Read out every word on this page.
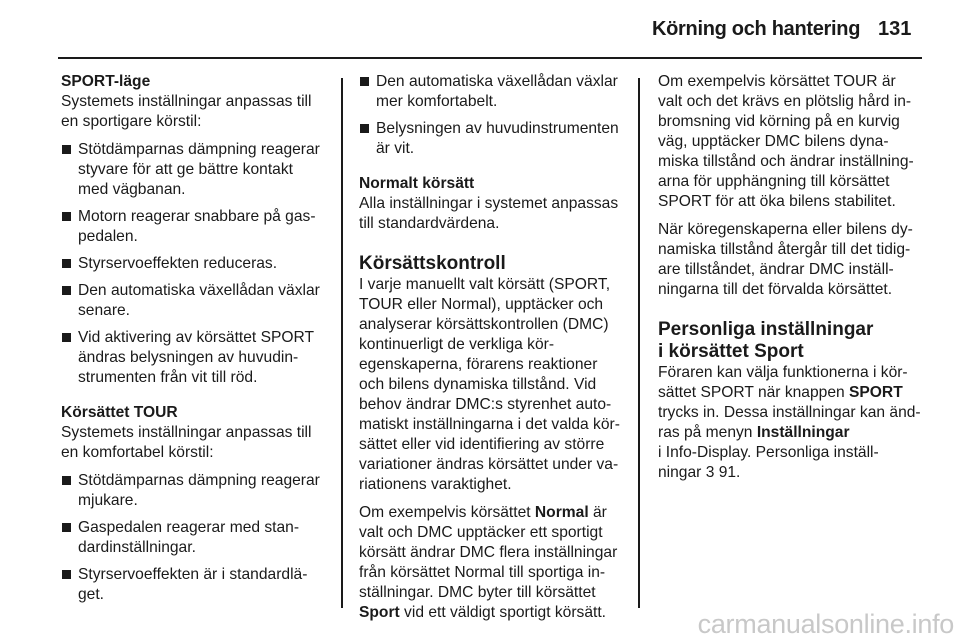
Körning och hantering 131
SPORT-läge
Systemets inställningar anpassas till
en sportigare körstil:
Stötdämparnas dämpning reagerar
styvare för att ge bättre kontakt
med vägbanan.
Motorn reagerar snabbare på gas-
pedalen.
Styrservoeffekten reduceras.
Den automatiska växellådan växlar
senare.
Vid aktivering av körsättet SPORT
ändras belysningen av huvudin-
strumenten från vit till röd.
Körsättet TOUR
Systemets inställningar anpassas till
en komfortabel körstil:
Stötdämparnas dämpning reagerar
mjukare.
Gaspedalen reagerar med stan-
dardinställningar.
Styrservoeffekten är i standardlä-
get.
Den automatiska växellådan växlar
mer komfortabelt.
Belysningen av huvudinstrumenten
är vit.
Normalt körsätt
Alla inställningar i systemet anpassas
till standardvärdena.
Körsättskontroll
I varje manuellt valt körsätt (SPORT,
TOUR eller Normal), upptäcker och
analyserar körsättskontrollen (DMC)
kontinuerligt de verkliga kör-
egenskaperna, förarens reaktioner
och bilens dynamiska tillstånd. Vid
behov ändrar DMC:s styrenhet auto-
matiskt inställningarna i det valda kör-
sättet eller vid identifiering av större
variationer ändras körsättet under va-
riationens varaktighet.
Om exempelvis körsättet Normal är
valt och DMC upptäcker ett sportigt
körsätt ändrar DMC flera inställningar
från körsättet Normal till sportiga in-
ställningar. DMC byter till körsättet
Sport vid ett väldigt sportigt körsätt.
Om exempelvis körsättet TOUR är
valt och det krävs en plötslig hård in-
bromsning vid körning på en kurvig
väg, upptäcker DMC bilens dyna-
miska tillstånd och ändrar inställning-
arna för upphängning till körsättet
SPORT för att öka bilens stabilitet.
När köregenskaperna eller bilens dy-
namiska tillstånd återgår till det tidig-
are tillståndet, ändrar DMC inställ-
ningarna till det förvalda körsättet.
Personliga inställningar
i körsättet Sport
Föraren kan välja funktionerna i kör-
sättet SPORT när knappen SPORT
trycks in. Dessa inställningar kan änd-
ras på menyn Inställningar
i Info-Display. Personliga inställ-
ningar 3 91.
carmanualsonline.info
